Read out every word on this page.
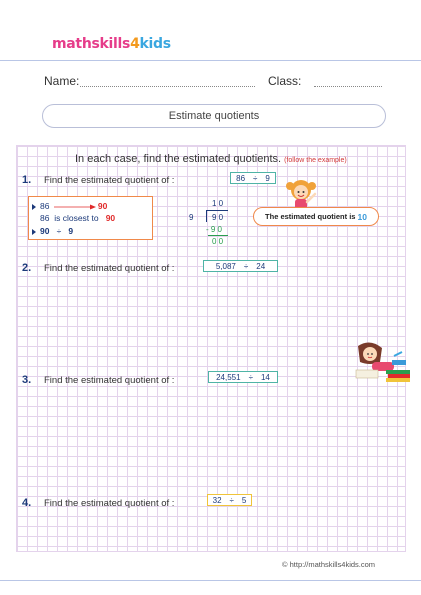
mathskills4kids
Name:	Class:
Estimate quotients
In each case, find the estimated quotients. (follow the example)
1. Find the estimated quotient of :	86 ÷ 9
86	90
86 is closest to 90
90 ÷ 9
1 0
9 9 0
- 9 0
0 0
The estimated quotient is 10
2. Find the estimated quotient of :	5,087 ÷ 24
3. Find the estimated quotient of :	24,551 ÷ 14
4. Find the estimated quotient of :	32 ÷ 5
© http://mathskills4kids.com
